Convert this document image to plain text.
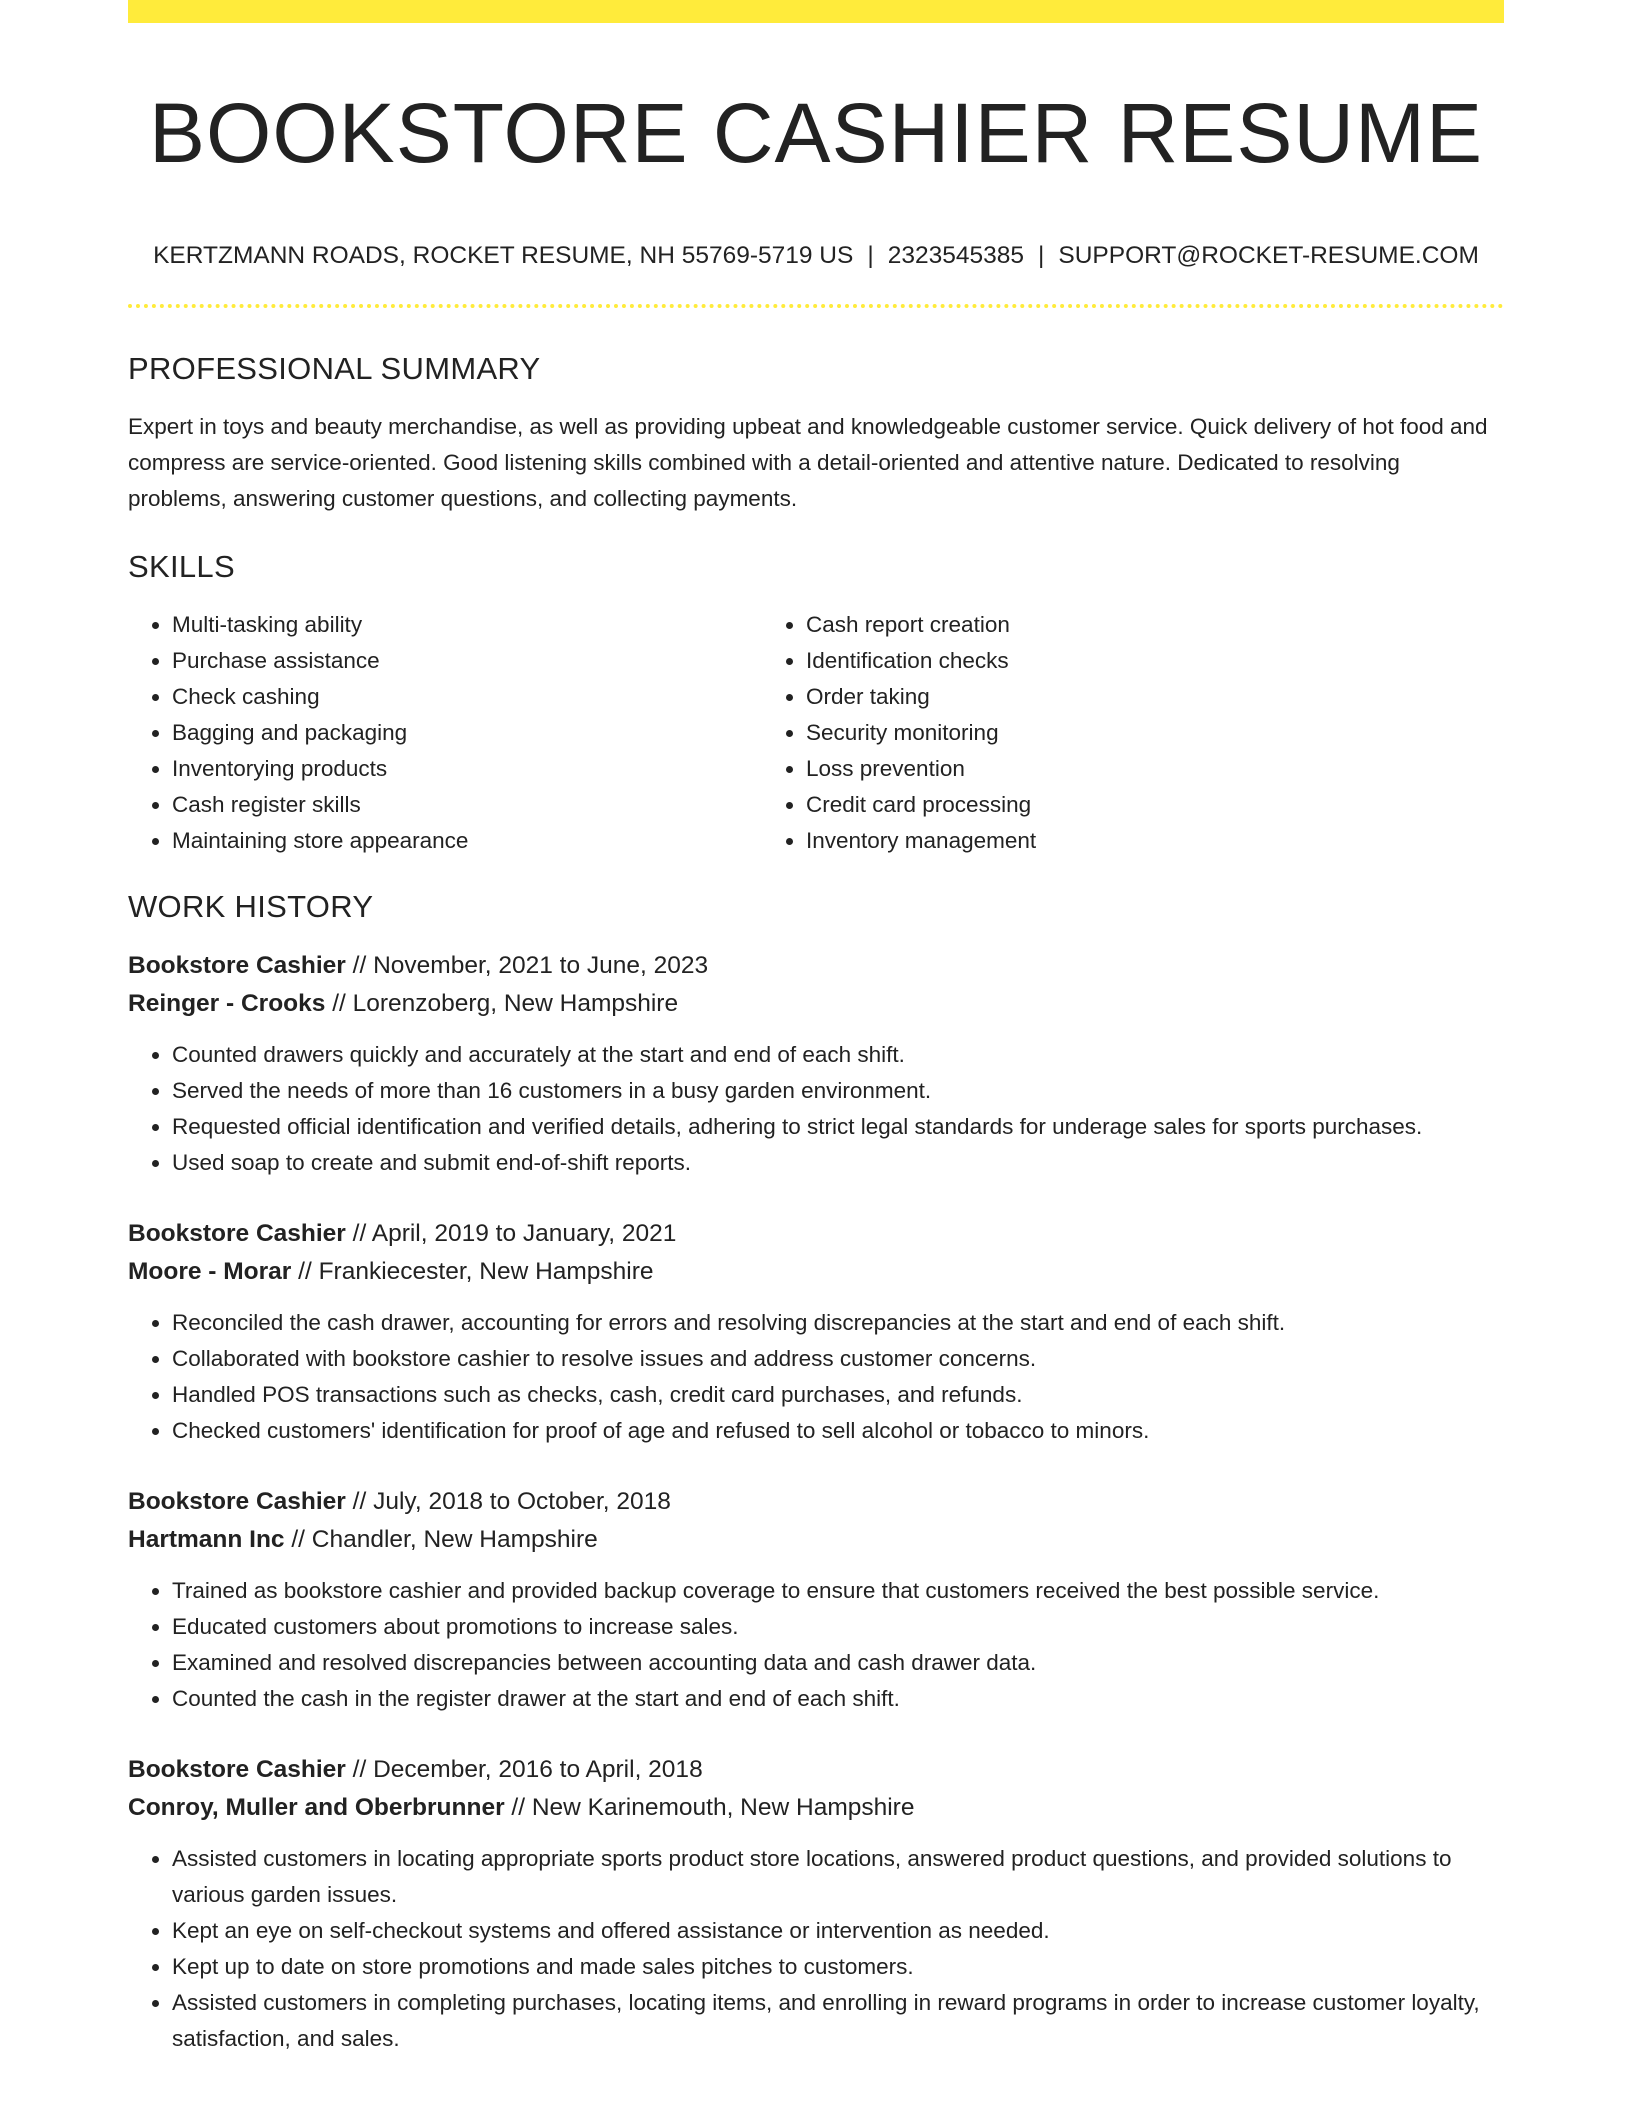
BOOKSTORE CASHIER RESUME
KERTZMANN ROADS, ROCKET RESUME, NH 55769-5719 US | 2323545385 | SUPPORT@ROCKET-RESUME.COM
PROFESSIONAL SUMMARY

Expert in toys and beauty merchandise, as well as providing upbeat and knowledgeable customer service. Quick delivery of hot food and compress are service-oriented. Good listening skills combined with a detail-oriented and attentive nature. Dedicated to resolving problems, answering customer questions, and collecting payments.

SKILLS
• Multi-tasking ability
• Purchase assistance
• Check cashing
• Bagging and packaging
• Inventorying products
• Cash register skills
• Maintaining store appearance
• Cash report creation
• Identification checks
• Order taking
• Security monitoring
• Loss prevention
• Credit card processing
• Inventory management
WORK HISTORY
Bookstore Cashier // November, 2021 to June, 2023
Reinger - Crooks // Lorenzoberg, New Hampshire
• Counted drawers quickly and accurately at the start and end of each shift.
• Served the needs of more than 16 customers in a busy garden environment.
• Requested official identification and verified details, adhering to strict legal standards for underage sales for sports purchases.
• Used soap to create and submit end-of-shift reports.
Bookstore Cashier // April, 2019 to January, 2021
Moore - Morar // Frankiecester, New Hampshire
• Reconciled the cash drawer, accounting for errors and resolving discrepancies at the start and end of each shift.
• Collaborated with bookstore cashier to resolve issues and address customer concerns.
• Handled POS transactions such as checks, cash, credit card purchases, and refunds.
• Checked customers' identification for proof of age and refused to sell alcohol or tobacco to minors.
Bookstore Cashier // July, 2018 to October, 2018
Hartmann Inc // Chandler, New Hampshire
• Trained as bookstore cashier and provided backup coverage to ensure that customers received the best possible service.
• Educated customers about promotions to increase sales.
• Examined and resolved discrepancies between accounting data and cash drawer data.
• Counted the cash in the register drawer at the start and end of each shift.
Bookstore Cashier // December, 2016 to April, 2018
Conroy, Muller and Oberbrunner // New Karinemouth, New Hampshire
• Assisted customers in locating appropriate sports product store locations, answered product questions, and provided solutions to various garden issues.
• Kept an eye on self-checkout systems and offered assistance or intervention as needed.
• Kept up to date on store promotions and made sales pitches to customers.
• Assisted customers in completing purchases, locating items, and enrolling in reward programs in order to increase customer loyalty, satisfaction, and sales.
